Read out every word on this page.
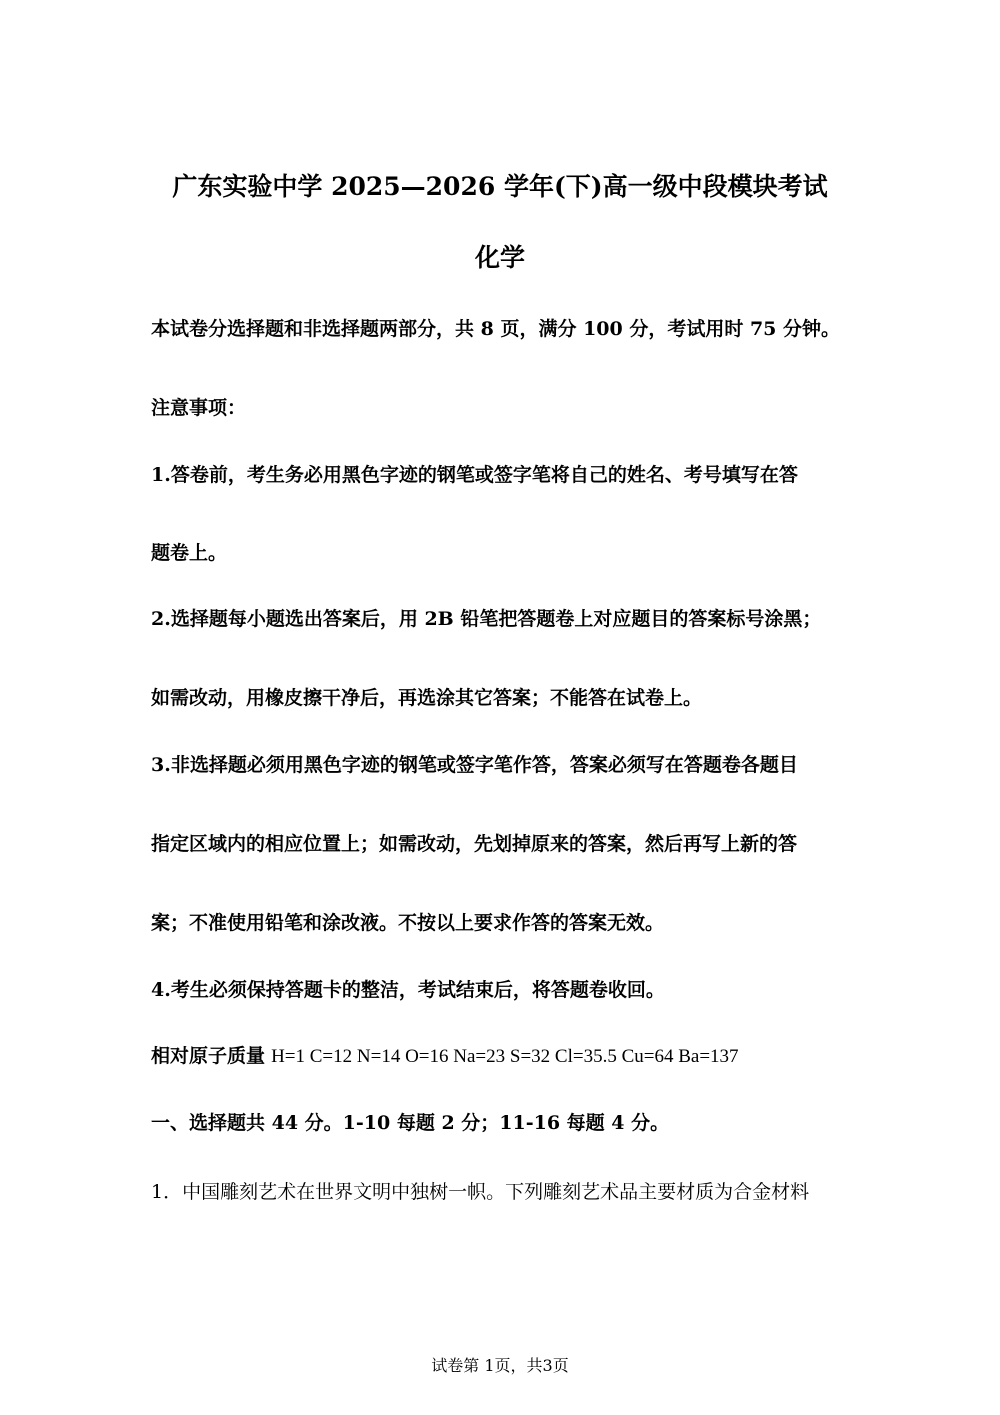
广东实验中学 2025—2026 学年(下)高一级中段模块考试
化学
本试卷分选择题和非选择题两部分，共 8 页，满分 100 分，考试用时 75 分钟。
注意事项：
1.答卷前，考生务必用黑色字迹的钢笔或签字笔将自己的姓名、考号填写在答
题卷上。
2.选择题每小题选出答案后，用 2B 铅笔把答题卷上对应题目的答案标号涂黑；
如需改动，用橡皮擦干净后，再选涂其它答案；不能答在试卷上。
3.非选择题必须用黑色字迹的钢笔或签字笔作答，答案必须写在答题卷各题目
指定区域内的相应位置上；如需改动，先划掉原来的答案，然后再写上新的答
案；不准使用铅笔和涂改液。不按以上要求作答的答案无效。
4.考生必须保持答题卡的整洁，考试结束后，将答题卷收回。
相对原子质量 H=1 C=12 N=14 O=16 Na=23 S=32 Cl=35.5 Cu=64 Ba=137
一、选择题共 44 分。1-10 每题 2 分；11-16 每题 4 分。
1．中国雕刻艺术在世界文明中独树一帜。下列雕刻艺术品主要材质为合金材料
试卷第 1页，共3页
